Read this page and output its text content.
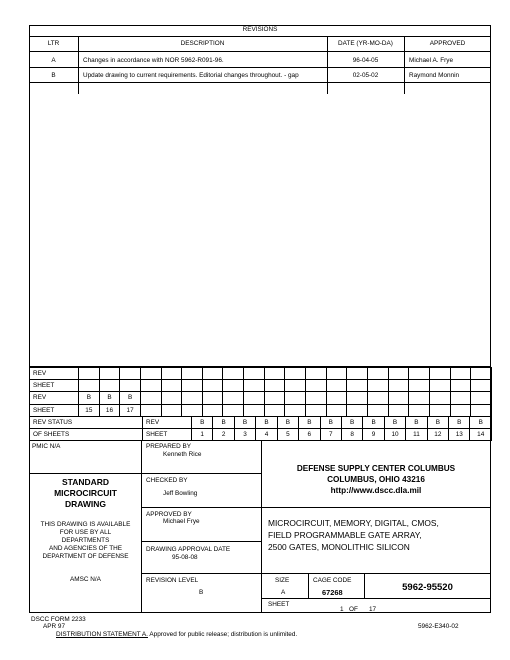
REVISIONS
LTR	DESCRIPTION	DATE (YR-MO-DA)	APPROVED
A	Changes in accordance with NOR 5962-R091-96.	96-04-05	Michael A. Frye
B	Update drawing to current requirements. Editorial changes throughout. - gap	02-05-02	Raymond Monnin
REV																				
SHEET																				
REV	B	B	B																	
SHEET	15	16	17																	
REV STATUS	REV	B	B	B	B	B	B	B	B	B	B	B	B	B	B
OF SHEETS	SHEET	1	2	3	4	5	6	7	8	9	10	11	12	13	14
PMIC N/A
STANDARD
MICROCIRCUIT
DRAWING
THIS DRAWING IS AVAILABLE
FOR USE BY ALL
DEPARTMENTS
AND AGENCIES OF THE
DEPARTMENT OF DEFENSE
AMSC N/A
PREPARED BY
Kenneth Rice
CHECKED BY
Jeff Bowling
APPROVED BY
Michael Frye
DRAWING APPROVAL DATE
95-08-08
REVISION LEVEL
B
DEFENSE SUPPLY CENTER COLUMBUS
COLUMBUS, OHIO 43216
http://www.dscc.dla.mil
MICROCIRCUIT, MEMORY, DIGITAL, CMOS,
FIELD PROGRAMMABLE GATE ARRAY,
2500 GATES, MONOLITHIC SILICON
SIZE
A
CAGE CODE
67268	5962-95520
SHEET
1 OF 17
DSCC FORM 2233
APR 97
DISTRIBUTION STATEMENT A. Approved for public release; distribution is unlimited.
5962-E340-02
